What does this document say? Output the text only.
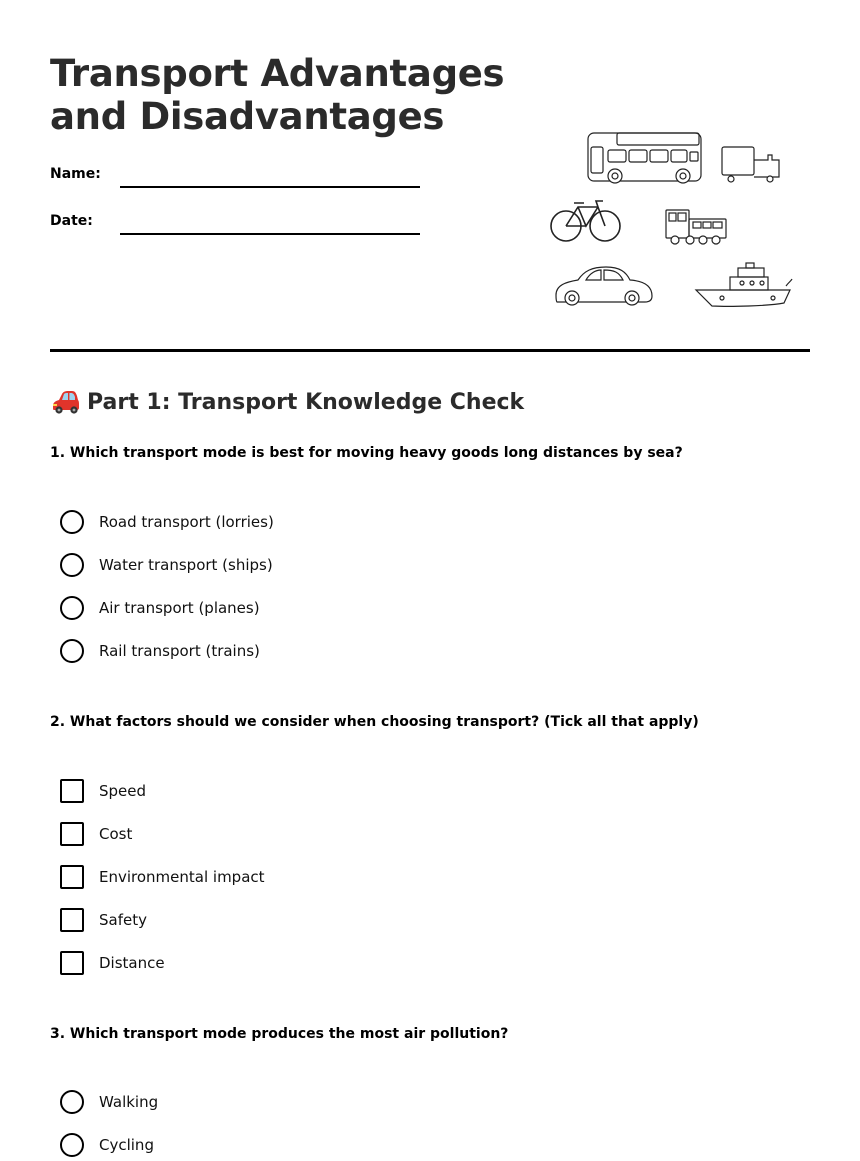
Transport Advantages
and Disadvantages
Name:
Date:
Part 1: Transport Knowledge Check
1. Which transport mode is best for moving heavy goods long distances by sea?
Road transport (lorries)
Water transport (ships)
Air transport (planes)
Rail transport (trains)
2. What factors should we consider when choosing transport? (Tick all that apply)
Speed
Cost
Environmental impact
Safety
Distance
3. Which transport mode produces the most air pollution?
Walking
Cycling
